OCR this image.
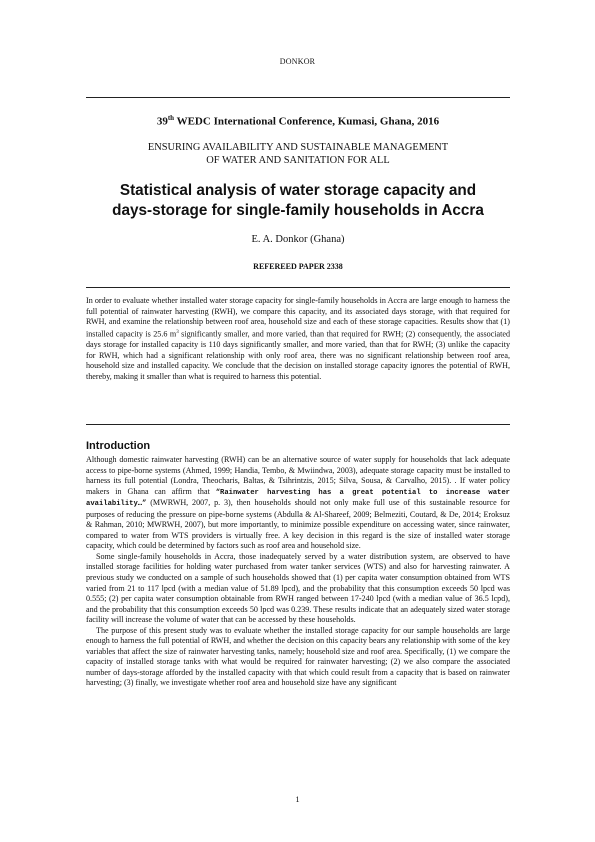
DONKOR
39th WEDC International Conference, Kumasi, Ghana, 2016
ENSURING AVAILABILITY AND SUSTAINABLE MANAGEMENT
OF WATER AND SANITATION FOR ALL
Statistical analysis of water storage capacity and
days-storage for single-family households in Accra
E. A. Donkor (Ghana)
REFEREED PAPER 2338
In order to evaluate whether installed water storage capacity for single-family households in Accra are large enough to harness the full potential of rainwater harvesting (RWH), we compare this capacity, and its associated days storage, with that required for RWH, and examine the relationship between roof area, household size and each of these storage capacities. Results show that (1) installed capacity is 25.6 $m^3$ significantly smaller, and more varied, than that required for RWH; (2) consequently, the associated days storage for installed capacity is 110 days significantly smaller, and more varied, than that for RWH; (3) unlike the capacity for RWH, which had a significant relationship with only roof area, there was no significant relationship between roof area, household size and installed capacity. We conclude that the decision on installed storage capacity ignores the potential of RWH, thereby, making it smaller than what is required to harness this potential.
Introduction

Although domestic rainwater harvesting (RWH) can be an alternative source of water supply for households that lack adequate access to pipe-borne systems (Ahmed, 1999; Handia, Tembo, & Mwiindwa, 2003), adequate storage capacity must be installed to harness its full potential (Londra, Theocharis, Baltas, & Tsihrintzis, 2015; Silva, Sousa, & Carvalho, 2015). . If water policy makers in Ghana can affirm that “Rainwater harvesting has a great potential to increase water availability…” (MWRWH, 2007, p. 3), then households should not only make full use of this sustainable resource for purposes of reducing the pressure on pipe-borne systems (Abdulla & Al-Shareef, 2009; Belmeziti, Coutard, & De, 2014; Eroksuz & Rahman, 2010; MWRWH, 2007), but more importantly, to minimize possible expenditure on accessing water, since rainwater, compared to water from WTS providers is virtually free. A key decision in this regard is the size of installed water storage capacity, which could be determined by factors such as roof area and household size.

Some single-family households in Accra, those inadequately served by a water distribution system, are observed to have installed storage facilities for holding water purchased from water tanker services (WTS) and also for harvesting rainwater. A previous study we conducted on a sample of such households showed that (1) per capita water consumption obtained from WTS varied from 21 to 117 lpcd (with a median value of 51.89 lpcd), and the probability that this consumption exceeds 50 lpcd was 0.555; (2) per capita water consumption obtainable from RWH ranged between 17-240 lpcd (with a median value of 36.5 lcpd), and the probability that this consumption exceeds 50 lpcd was 0.239. These results indicate that an adequately sized water storage facility will increase the volume of water that can be accessed by these households.

The purpose of this present study was to evaluate whether the installed storage capacity for our sample households are large enough to harness the full potential of RWH, and whether the decision on this capacity bears any relationship with some of the key variables that affect the size of rainwater harvesting tanks, namely; household size and roof area. Specifically, (1) we compare the capacity of installed storage tanks with what would be required for rainwater harvesting; (2) we also compare the associated number of days-storage afforded by the installed capacity with that which could result from a capacity that is based on rainwater harvesting; (3) finally, we investigate whether roof area and household size have any significant

1
